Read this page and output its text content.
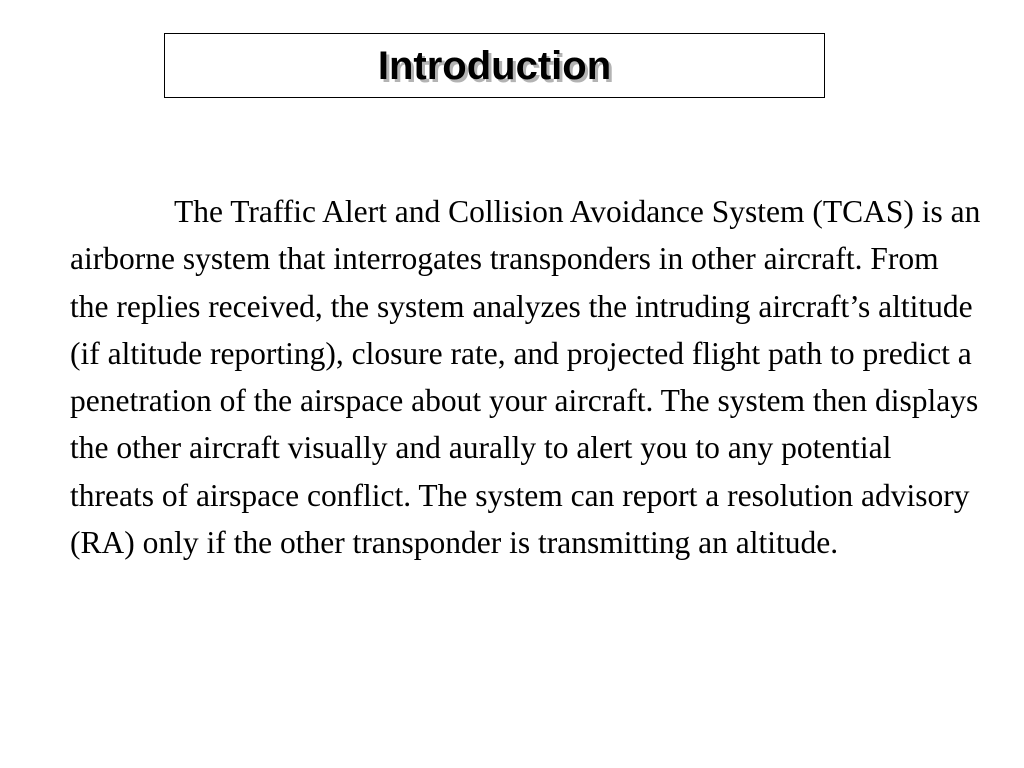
Introduction

The Traffic Alert and Collision Avoidance System (TCAS) is an airborne system that interrogates transponders in other aircraft. From the replies received, the system analyzes the intruding aircraft’s altitude (if altitude reporting), closure rate, and projected flight path to predict a penetration of the airspace about your aircraft. The system then displays the other aircraft visually and aurally to alert you to any potential threats of airspace conflict. The system can report a resolution advisory (RA) only if the other transponder is transmitting an altitude.
